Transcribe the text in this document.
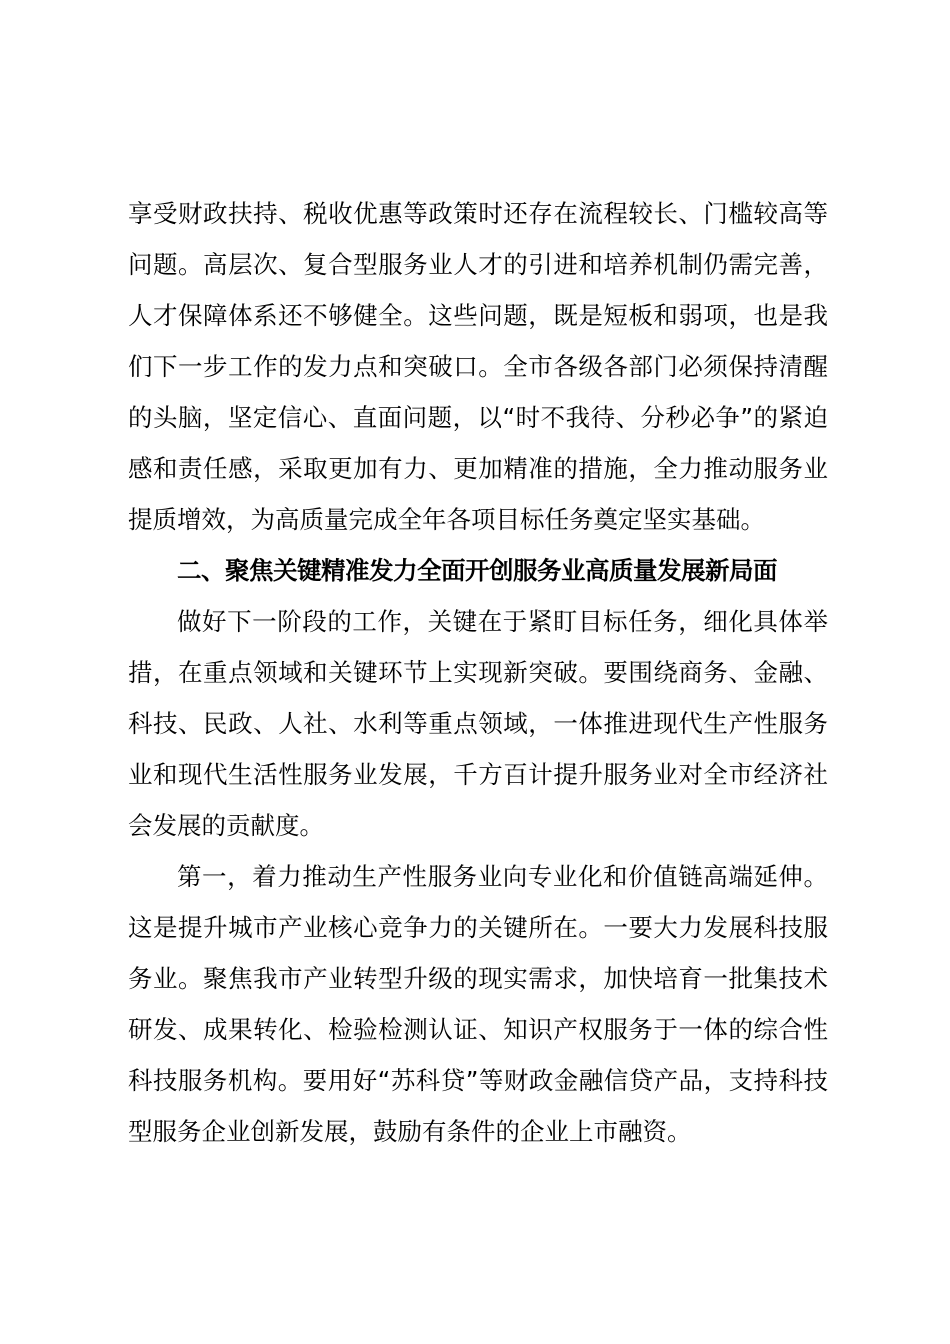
享受财政扶持、税收优惠等政策时还存在流程较长、门槛较高等问题。高层次、复合型服务业人才的引进和培养机制仍需完善，人才保障体系还不够健全。这些问题，既是短板和弱项，也是我们下一步工作的发力点和突破口。全市各级各部门必须保持清醒的头脑，坚定信心、直面问题，以“时不我待、分秒必争”的紧迫感和责任感，采取更加有力、更加精准的措施，全力推动服务业提质增效，为高质量完成全年各项目标任务奠定坚实基础。

二、聚焦关键精准发力全面开创服务业高质量发展新局面

做好下一阶段的工作，关键在于紧盯目标任务，细化具体举措，在重点领域和关键环节上实现新突破。要围绕商务、金融、科技、民政、人社、水利等重点领域，一体推进现代生产性服务业和现代生活性服务业发展，千方百计提升服务业对全市经济社会发展的贡献度。

第一，着力推动生产性服务业向专业化和价值链高端延伸。这是提升城市产业核心竞争力的关键所在。一要大力发展科技服务业。聚焦我市产业转型升级的现实需求，加快培育一批集技术研发、成果转化、检验检测认证、知识产权服务于一体的综合性科技服务机构。要用好“苏科贷”等财政金融信贷产品，支持科技型服务企业创新发展，鼓励有条件的企业上市融资。
